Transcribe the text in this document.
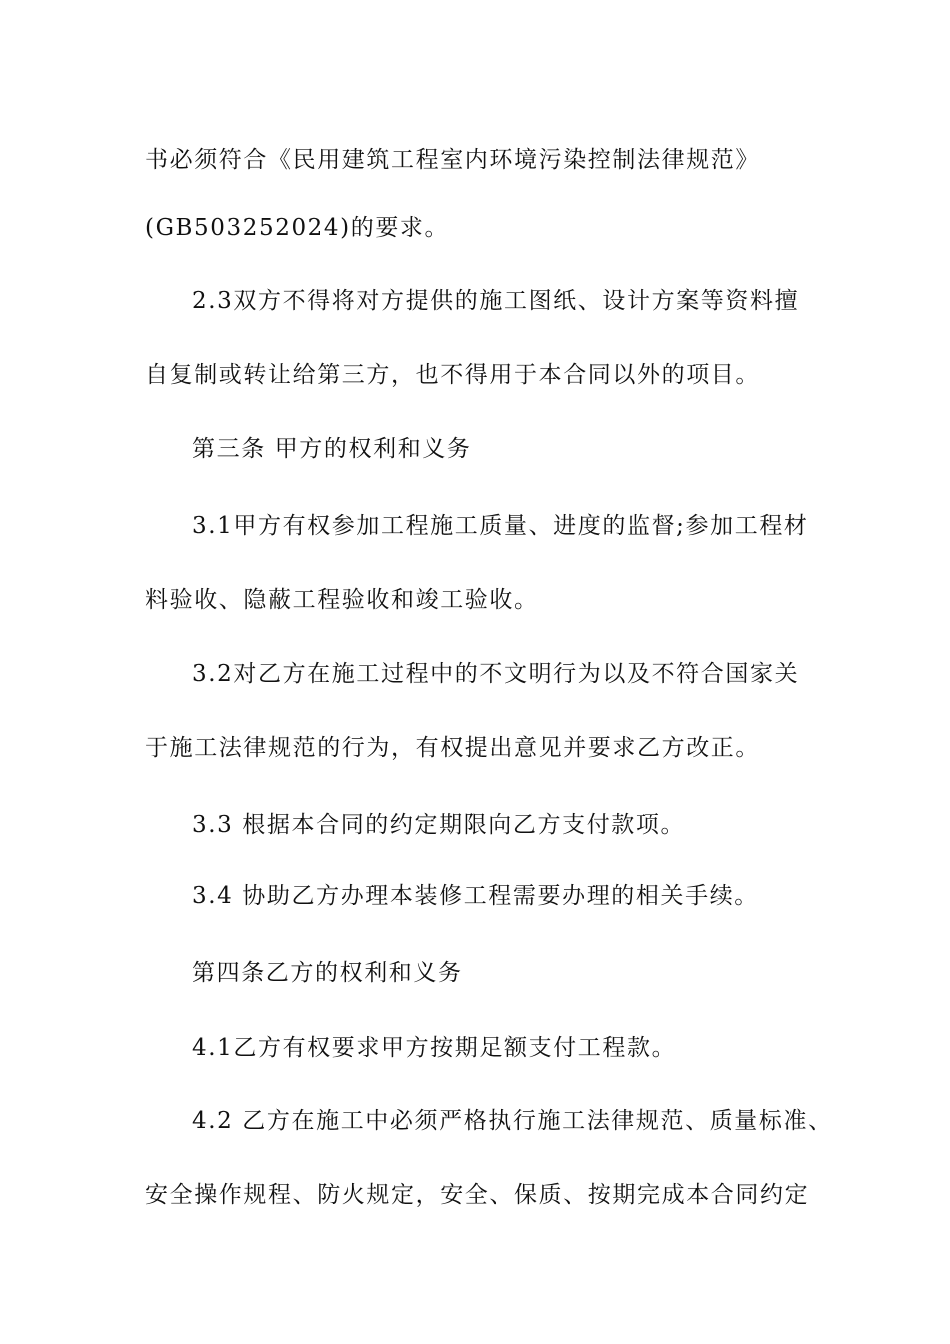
书必须符合《民用建筑工程室内环境污染控制法律规范》
(GB503252024)的要求。
2.3双方不得将对方提供的施工图纸、设计方案等资料擅
自复制或转让给第三方，也不得用于本合同以外的项目。
第三条 甲方的权利和义务
3.1甲方有权参加工程施工质量、进度的监督;参加工程材
料验收、隐蔽工程验收和竣工验收。
3.2对乙方在施工过程中的不文明行为以及不符合国家关
于施工法律规范的行为，有权提出意见并要求乙方改正。
3.3 根据本合同的约定期限向乙方支付款项。
3.4 协助乙方办理本装修工程需要办理的相关手续。
第四条乙方的权利和义务
4.1乙方有权要求甲方按期足额支付工程款。
4.2 乙方在施工中必须严格执行施工法律规范、质量标准、
安全操作规程、防火规定，安全、保质、按期完成本合同约定
